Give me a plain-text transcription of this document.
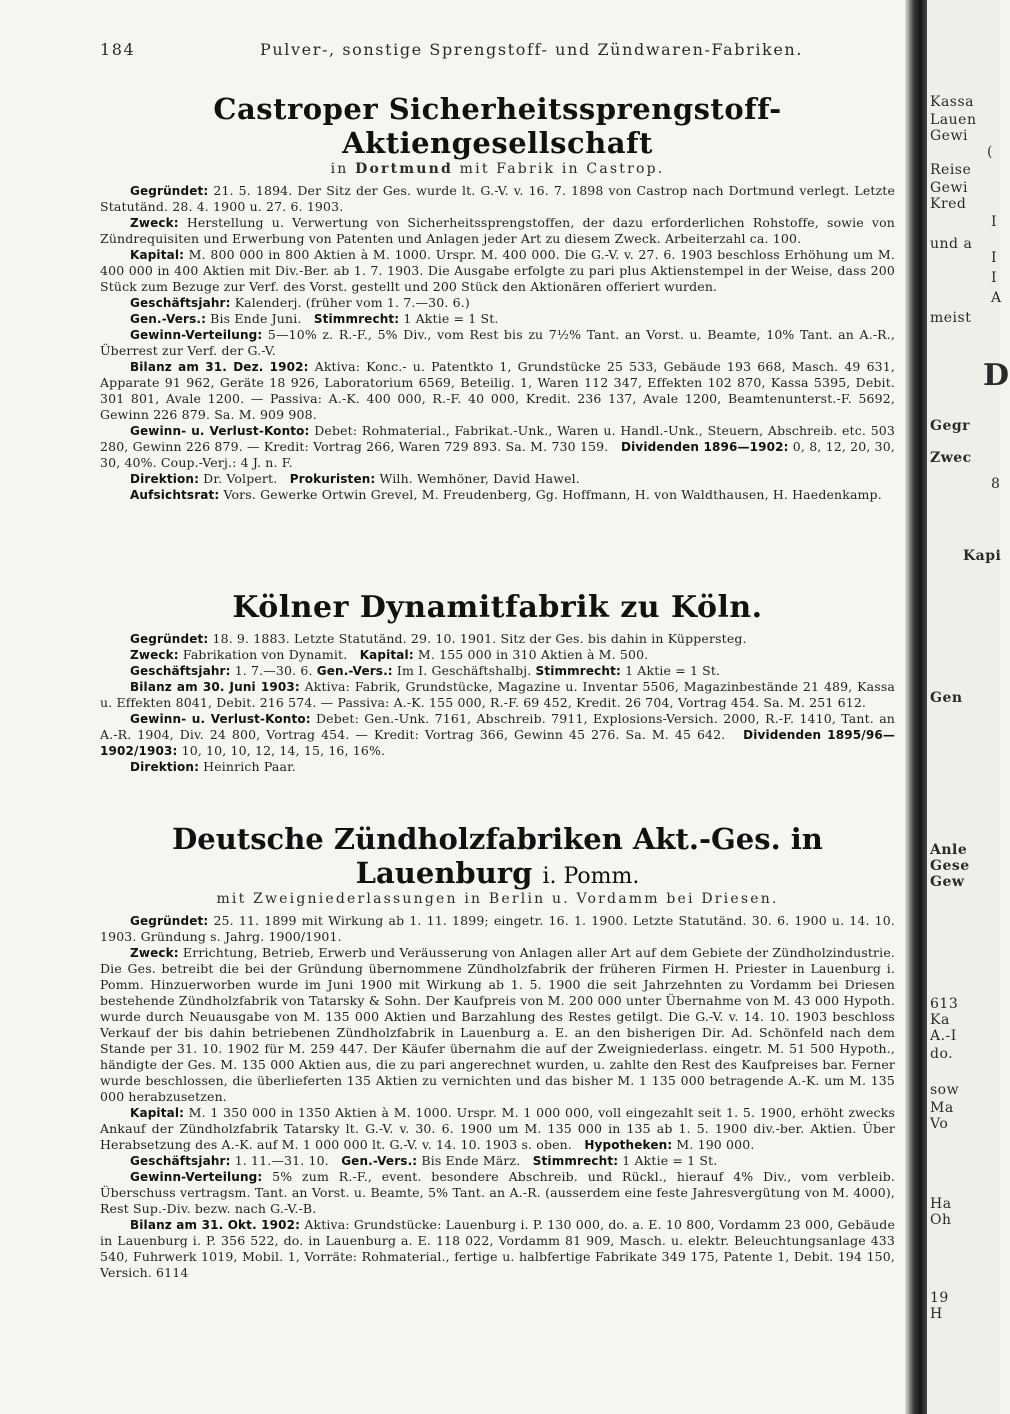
184	Pulver-, sonstige Sprengstoff- und Zündwaren-Fabriken.
Castroper Sicherheitssprengstoff-Aktiengesellschaft
in Dortmund mit Fabrik in Castrop.

Gegründet: 21. 5. 1894. Der Sitz der Ges. wurde lt. G.-V. v. 16. 7. 1898 von Castrop nach Dortmund verlegt. Letzte Statutänd. 28. 4. 1900 u. 27. 6. 1903.

Zweck: Herstellung u. Verwertung von Sicherheitssprengstoffen, der dazu erforderlichen Rohstoffe, sowie von Zündrequisiten und Erwerbung von Patenten und Anlagen jeder Art zu diesem Zweck. Arbeiterzahl ca. 100.

Kapital: M. 800 000 in 800 Aktien à M. 1000. Urspr. M. 400 000. Die G.-V. v. 27. 6. 1903 beschloss Erhöhung um M. 400 000 in 400 Aktien mit Div.-Ber. ab 1. 7. 1903. Die Ausgabe erfolgte zu pari plus Aktienstempel in der Weise, dass 200 Stück zum Bezuge zur Verf. des Vorst. gestellt und 200 Stück den Aktionären offeriert wurden.

Geschäftsjahr: Kalenderj. (früher vom 1. 7.—30. 6.)

Gen.-Vers.: Bis Ende Juni. Stimmrecht: 1 Aktie = 1 St.

Gewinn-Verteilung: 5—10% z. R.-F., 5% Div., vom Rest bis zu 7½% Tant. an Vorst. u. Beamte, 10% Tant. an A.-R., Überrest zur Verf. der G.-V.

Bilanz am 31. Dez. 1902: Aktiva: Konc.- u. Patentkto 1, Grundstücke 25 533, Gebäude 193 668, Masch. 49 631, Apparate 91 962, Geräte 18 926, Laboratorium 6569, Beteilig. 1, Waren 112 347, Effekten 102 870, Kassa 5395, Debit. 301 801, Avale 1200. — Passiva: A.-K. 400 000, R.-F. 40 000, Kredit. 236 137, Avale 1200, Beamtenunterst.-F. 5692, Gewinn 226 879. Sa. M. 909 908.

Gewinn- u. Verlust-Konto: Debet: Rohmaterial., Fabrikat.-Unk., Waren u. Handl.-Unk., Steuern, Abschreib. etc. 503 280, Gewinn 226 879. — Kredit: Vortrag 266, Waren 729 893. Sa. M. 730 159. Dividenden 1896—1902: 0, 8, 12, 20, 30, 30, 40%. Coup.-Verj.: 4 J. n. F.

Direktion: Dr. Volpert. Prokuristen: Wilh. Wemhöner, David Hawel.

Aufsichtsrat: Vors. Gewerke Ortwin Grevel, M. Freudenberg, Gg. Hoffmann, H. von Waldthausen, H. Haedenkamp.

Kölner Dynamitfabrik zu Köln.

Gegründet: 18. 9. 1883. Letzte Statutänd. 29. 10. 1901. Sitz der Ges. bis dahin in Küppersteg.

Zweck: Fabrikation von Dynamit. Kapital: M. 155 000 in 310 Aktien à M. 500.

Geschäftsjahr: 1. 7.—30. 6. Gen.-Vers.: Im I. Geschäftshalbj. Stimmrecht: 1 Aktie = 1 St.

Bilanz am 30. Juni 1903: Aktiva: Fabrik, Grundstücke, Magazine u. Inventar 5506, Magazinbestände 21 489, Kassa u. Effekten 8041, Debit. 216 574. — Passiva: A.-K. 155 000, R.-F. 69 452, Kredit. 26 704, Vortrag 454. Sa. M. 251 612.

Gewinn- u. Verlust-Konto: Debet: Gen.-Unk. 7161, Abschreib. 7911, Explosions-Versich. 2000, R.-F. 1410, Tant. an A.-R. 1904, Div. 24 800, Vortrag 454. — Kredit: Vortrag 366, Gewinn 45 276. Sa. M. 45 642. Dividenden 1895/96—1902/1903: 10, 10, 10, 12, 14, 15, 16, 16%.

Direktion: Heinrich Paar.

Deutsche Zündholzfabriken Akt.-Ges. in Lauenburg i. Pomm.
mit Zweigniederlassungen in Berlin u. Vordamm bei Driesen.

Gegründet: 25. 11. 1899 mit Wirkung ab 1. 11. 1899; eingetr. 16. 1. 1900. Letzte Statutänd. 30. 6. 1900 u. 14. 10. 1903. Gründung s. Jahrg. 1900/1901.

Zweck: Errichtung, Betrieb, Erwerb und Veräusserung von Anlagen aller Art auf dem Gebiete der Zündholzindustrie. Die Ges. betreibt die bei der Gründung übernommene Zündholzfabrik der früheren Firmen H. Priester in Lauenburg i. Pomm. Hinzuerworben wurde im Juni 1900 mit Wirkung ab 1. 5. 1900 die seit Jahrzehnten zu Vordamm bei Driesen bestehende Zündholzfabrik von Tatarsky & Sohn. Der Kaufpreis von M. 200 000 unter Übernahme von M. 43 000 Hypoth. wurde durch Neuausgabe von M. 135 000 Aktien und Barzahlung des Restes getilgt. Die G.-V. v. 14. 10. 1903 beschloss Verkauf der bis dahin betriebenen Zündholzfabrik in Lauenburg a. E. an den bisherigen Dir. Ad. Schönfeld nach dem Stande per 31. 10. 1902 für M. 259 447. Der Käufer übernahm die auf der Zweigniederlass. eingetr. M. 51 500 Hypoth., händigte der Ges. M. 135 000 Aktien aus, die zu pari angerechnet wurden, u. zahlte den Rest des Kaufpreises bar. Ferner wurde beschlossen, die überlieferten 135 Aktien zu vernichten und das bisher M. 1 135 000 betragende A.-K. um M. 135 000 herabzusetzen.

Kapital: M. 1 350 000 in 1350 Aktien à M. 1000. Urspr. M. 1 000 000, voll eingezahlt seit 1. 5. 1900, erhöht zwecks Ankauf der Zündholzfabrik Tatarsky lt. G.-V. v. 30. 6. 1900 um M. 135 000 in 135 ab 1. 5. 1900 div.-ber. Aktien. Über Herabsetzung des A.-K. auf M. 1 000 000 lt. G.-V. v. 14. 10. 1903 s. oben. Hypotheken: M. 190 000.

Geschäftsjahr: 1. 11.—31. 10. Gen.-Vers.: Bis Ende März. Stimmrecht: 1 Aktie = 1 St.

Gewinn-Verteilung: 5% zum R.-F., event. besondere Abschreib. und Rückl., hierauf 4% Div., vom verbleib. Überschuss vertragsm. Tant. an Vorst. u. Beamte, 5% Tant. an A.-R. (ausserdem eine feste Jahresvergütung von M. 4000), Rest Sup.-Div. bezw. nach G.-V.-B.

Bilanz am 31. Okt. 1902: Aktiva: Grundstücke: Lauenburg i. P. 130 000, do. a. E. 10 800, Vordamm 23 000, Gebäude in Lauenburg i. P. 356 522, do. in Lauenburg a. E. 118 022, Vordamm 81 909, Masch. u. elektr. Beleuchtungsanlage 433 540, Fuhrwerk 1019, Mobil. 1, Vorräte: Rohmaterial., fertige u. halbfertige Fabrikate 349 175, Patente 1, Debit. 194 150, Versich. 6114

Kassa
Lauen
Gewi
(
Reise
Gewi
Kred
I
und a
I
I
A
meist
D
Gegr
Zwec
8
Kapi
Gen
Anle
Gese
Gew
613
Ka
A.-I
do.
sow
Ma
Vo
Ha
Oh
19
H
